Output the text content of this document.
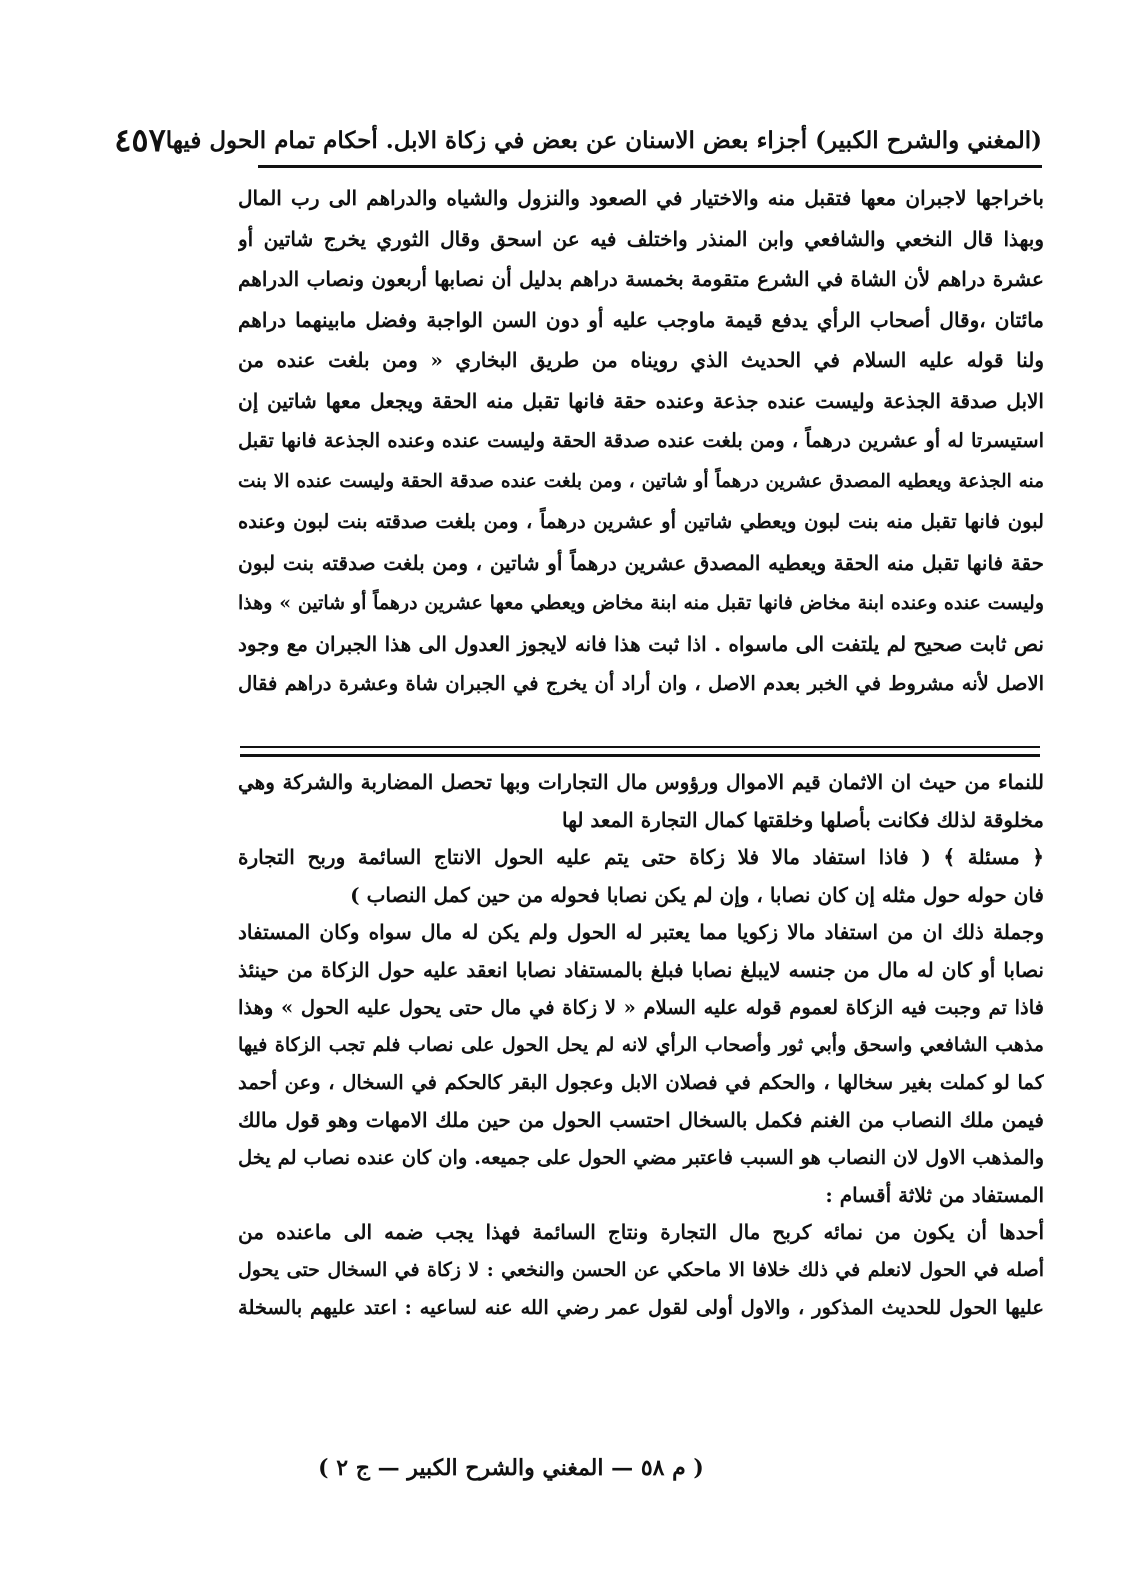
(المغني والشرح الكبير) أجزاء بعض الاسنان عن بعض في زكاة الابل. أحكام تمام الحول فيها
٤٥٧
باخراجها لاجبران معها فتقبل منه والاختيار في الصعود والنزول والشياه والدراهم الى رب المال
وبهذا قال النخعي والشافعي وابن المنذر واختلف فيه عن اسحق وقال الثوري يخرج شاتين أو
عشرة دراهم لأن الشاة في الشرع متقومة بخمسة دراهم بدليل أن نصابها أربعون ونصاب الدراهم
مائتان ،وقال أصحاب الرأي يدفع قيمة ماوجب عليه أو دون السن الواجبة وفضل مابينهما دراهم
ولنا قوله عليه السلام في الحديث الذي رويناه من طريق البخاري « ومن بلغت عنده من
الابل صدقة الجذعة وليست عنده جذعة وعنده حقة فانها تقبل منه الحقة ويجعل معها شاتين إن
استيسرتا له أو عشرين درهماً ، ومن بلغت عنده صدقة الحقة وليست عنده وعنده الجذعة فانها تقبل
منه الجذعة ويعطيه المصدق عشرين درهماً أو شاتين ، ومن بلغت عنده صدقة الحقة وليست عنده الا بنت
لبون فانها تقبل منه بنت لبون ويعطي شاتين أو عشرين درهماً ، ومن بلغت صدقته بنت لبون وعنده
حقة فانها تقبل منه الحقة ويعطيه المصدق عشرين درهماً أو شاتين ، ومن بلغت صدقته بنت لبون
وليست عنده وعنده ابنة مخاض فانها تقبل منه ابنة مخاض ويعطي معها عشرين درهماً أو شاتين » وهذا
نص ثابت صحيح لم يلتفت الى ماسواه . اذا ثبت هذا فانه لايجوز العدول الى هذا الجبران مع وجود
الاصل لأنه مشروط في الخبر بعدم الاصل ، وان أراد أن يخرج في الجبران شاة وعشرة دراهم فقال
للنماء من حيث ان الاثمان قيم الاموال ورؤوس مال التجارات وبها تحصل المضاربة والشركة وهي
مخلوقة لذلك فكانت بأصلها وخلقتها كمال التجارة المعد لها
﴿ مسئلة ﴾ ( فاذا استفاد مالا فلا زكاة حتى يتم عليه الحول الانتاج السائمة وربح التجارة
فان حوله حول مثله إن كان نصابا ، وإن لم يكن نصابا فحوله من حين كمل النصاب )
وجملة ذلك ان من استفاد مالا زكويا مما يعتبر له الحول ولم يكن له مال سواه وكان المستفاد
نصابا أو كان له مال من جنسه لايبلغ نصابا فبلغ بالمستفاد نصابا انعقد عليه حول الزكاة من حينئذ
فاذا تم وجبت فيه الزكاة لعموم قوله عليه السلام « لا زكاة في مال حتى يحول عليه الحول » وهذا
مذهب الشافعي واسحق وأبي ثور وأصحاب الرأي لانه لم يحل الحول على نصاب فلم تجب الزكاة فيها
كما لو كملت بغير سخالها ، والحكم في فصلان الابل وعجول البقر كالحكم في السخال ، وعن أحمد
فيمن ملك النصاب من الغنم فكمل بالسخال احتسب الحول من حين ملك الامهات وهو قول مالك
والمذهب الاول لان النصاب هو السبب فاعتبر مضي الحول على جميعه. وان كان عنده نصاب لم يخل
المستفاد من ثلاثة أقسام :
أحدها أن يكون من نمائه كربح مال التجارة ونتاج السائمة فهذا يجب ضمه الى ماعنده من
أصله في الحول لانعلم في ذلك خلافا الا ماحكي عن الحسن والنخعي : لا زكاة في السخال حتى يحول
عليها الحول للحديث المذكور ، والاول أولى لقول عمر رضي الله عنه لساعيه : اعتد عليهم بالسخلة
( م ٥٨ — المغني والشرح الكبير — ج ٢ )
